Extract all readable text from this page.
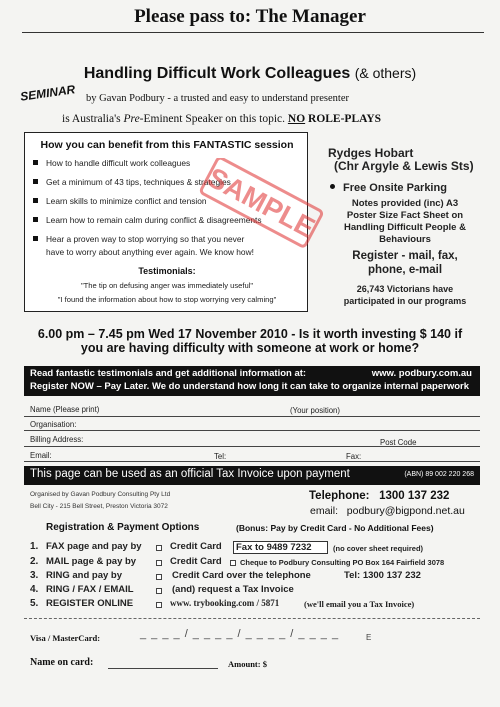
Please pass to: The Manager
Handling Difficult Work Colleagues (& others)
SEMINAR by Gavan Podbury - a trusted and easy to understand presenter
is Australia's Pre-Eminent Speaker on this topic. NO ROLE-PLAYS
How you can benefit from this FANTASTIC session
How to handle difficult work colleagues
Get a minimum of 43 tips, techniques & strategies
Learn skills to minimize conflict and tension
Learn how to remain calm during conflict & disagreements
Hear a proven way to stop worrying so that you never
have to worry about anything ever again. We know how!
Testimonials:
"The tip on defusing anger was immediately useful"
"I found the information about how to stop worrying very calming"
SAMPLE
Rydges Hobart
(Chr Argyle & Lewis Sts)
Free Onsite Parking
Notes provided (inc) A3
Poster Size Fact Sheet on
Handling Difficult People &
Behaviours
Register - mail, fax,
phone, e-mail
26,743 Victorians have
participated in our programs
6.00 pm – 7.45 pm Wed 17 November 2010 - Is it worth investing $ 140 if
you are having difficulty with someone at work or home?
Read fantastic testimonials and get additional information at:	www. podbury.com.au
Register NOW – Pay Later. We do understand how long it can take to organize internal paperwork
Name (Please print)	(Your position)
Organisation:
Billing Address:	Post Code
Email:	Tel:	Fax:
This page can be used as an official Tax Invoice upon payment	(ABN) 89 002 220 268
Organised by Gavan Podbury Consulting Pty Ltd
Bell City - 215 Bell Street, Preston Victoria 3072
Telephone: 1300 137 232
email: podbury@bigpond.net.au
Registration & Payment Options	(Bonus: Pay by Credit Card - No Additional Fees)
1. FAX page and pay by	Credit Card Fax to 9489 7232	(no cover sheet required)
2. MAIL page & pay by	Credit Card Cheque to Podbury Consulting PO Box 164 Fairfield 3078
3. RING and pay by	Credit Card over the telephone	Tel: 1300 137 232
4. RING / FAX / EMAIL	(and) request a Tax Invoice
5. REGISTER ONLINE	www. trybooking.com / 5871	(we'll email you a Tax Invoice)
Visa / MasterCard:	_ _ _ _ / _ _ _ _ / _ _ _ _ / _ _ _ _	E
Name on card:	Amount: $
